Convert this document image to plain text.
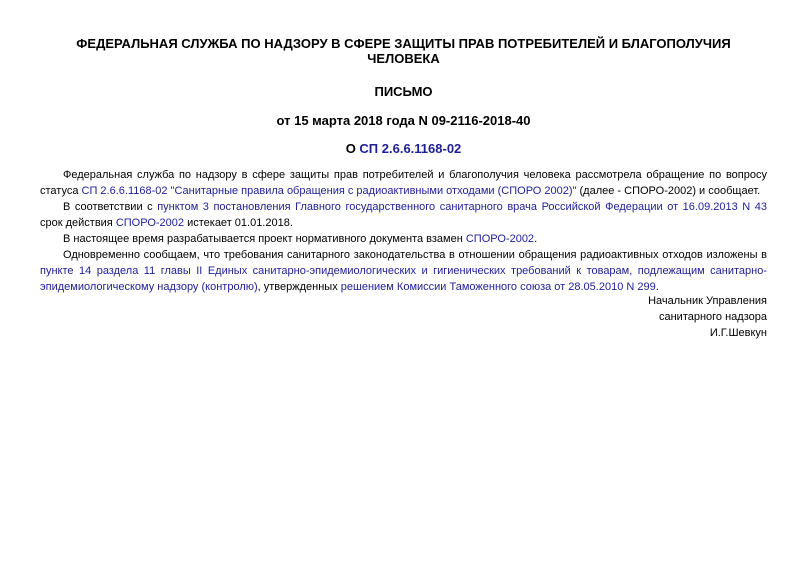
ФЕДЕРАЛЬНАЯ СЛУЖБА ПО НАДЗОРУ В СФЕРЕ ЗАЩИТЫ ПРАВ ПОТРЕБИТЕЛЕЙ И БЛАГОПОЛУЧИЯ ЧЕЛОВЕКА
ПИСЬМО
от 15 марта 2018 года N 09-2116-2018-40
О СП 2.6.6.1168-02

Федеральная служба по надзору в сфере защиты прав потребителей и благополучия человека рассмотрела обращение по вопросу статуса СП 2.6.6.1168-02 "Санитарные правила обращения с радиоактивными отходами (СПОРО 2002)" (далее - СПОРО-2002) и сообщает.

В соответствии с пунктом 3 постановления Главного государственного санитарного врача Российской Федерации от 16.09.2013 N 43 срок действия СПОРО-2002 истекает 01.01.2018.

В настоящее время разрабатывается проект нормативного документа взамен СПОРО-2002.

Одновременно сообщаем, что требования санитарного законодательства в отношении обращения радиоактивных отходов изложены в пункте 14 раздела 11 главы II Единых санитарно-эпидемиологических и гигиенических требований к товарам, подлежащим санитарно-эпидемиологическому надзору (контролю), утвержденных решением Комиссии Таможенного союза от 28.05.2010 N 299.

Начальник Управления
санитарного надзора
И.Г.Шевкун
